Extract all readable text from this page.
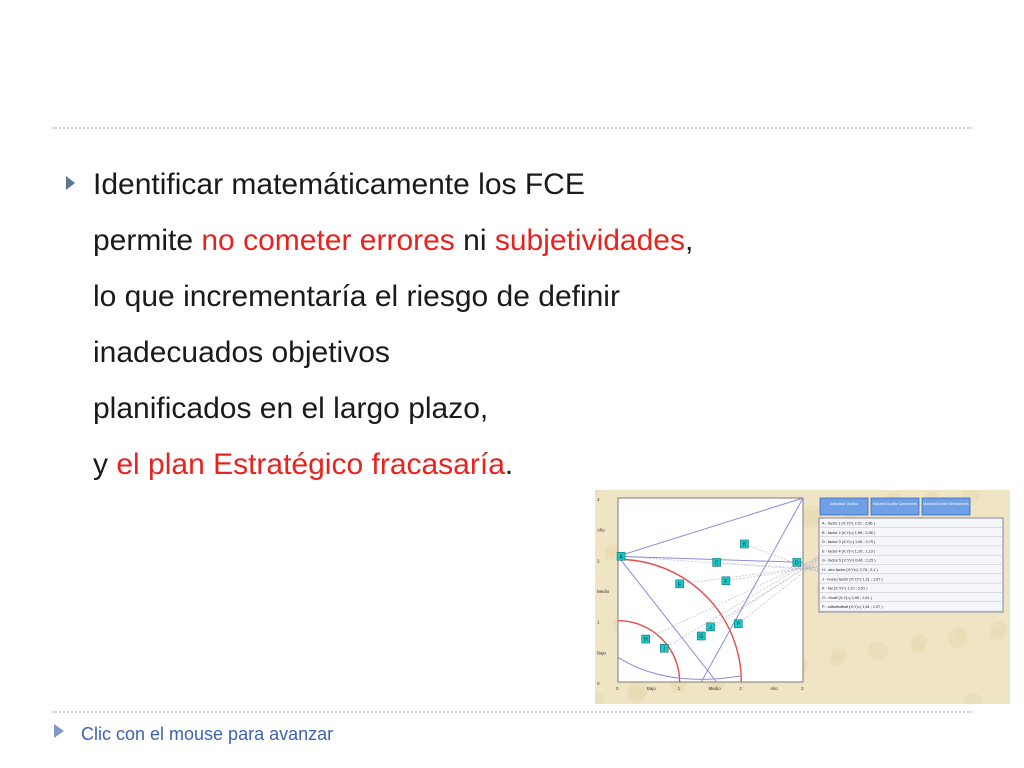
Identificar matemáticamente los FCE
permite no cometer errores ni subjetividades,
lo que incrementaría el riesgo de definir
inadecuados objetivos
planificados en el largo plazo,
y el plan Estratégico fracasaría.
3
Alto
2
Medio
1
Bajo
0
0	Bajo	1	Medio	2	Alto	3
A
B
C	D
E
F
G
H
I
J
P
Actualizar Gráfico	Mostrar/Ocultar Conectores Mostrar/Ocultar Simuladores
A - factor 1 (X;Y)=( 2,01 ; 2,86 )
B - factor 2 (X;Y)=( 1,98 ; 2,98 )
D - factor 3 (X;Y)=( 1,06 ; 0,79 )
E - factor 4 (X;Y)=( 1,20 ; 1,13 )
G - factor 5 (X;Y)=( 0,46 ; 2,25 )
H - otro factor (X;Y)=( 2,78 ; 2,1 )
J - nuevo factor (X;Y)=( 1,21 ; 1,67 )
K - fac (X;Y)=( 1,10 ; 0,51 )
O - d'naff (X;Y)=( 0,55 ; 1,61 )
P - sdfsdfsdfsdf (X;Y)=( 1,81 ; 1,97 )
Clic con el mouse para avanzar
